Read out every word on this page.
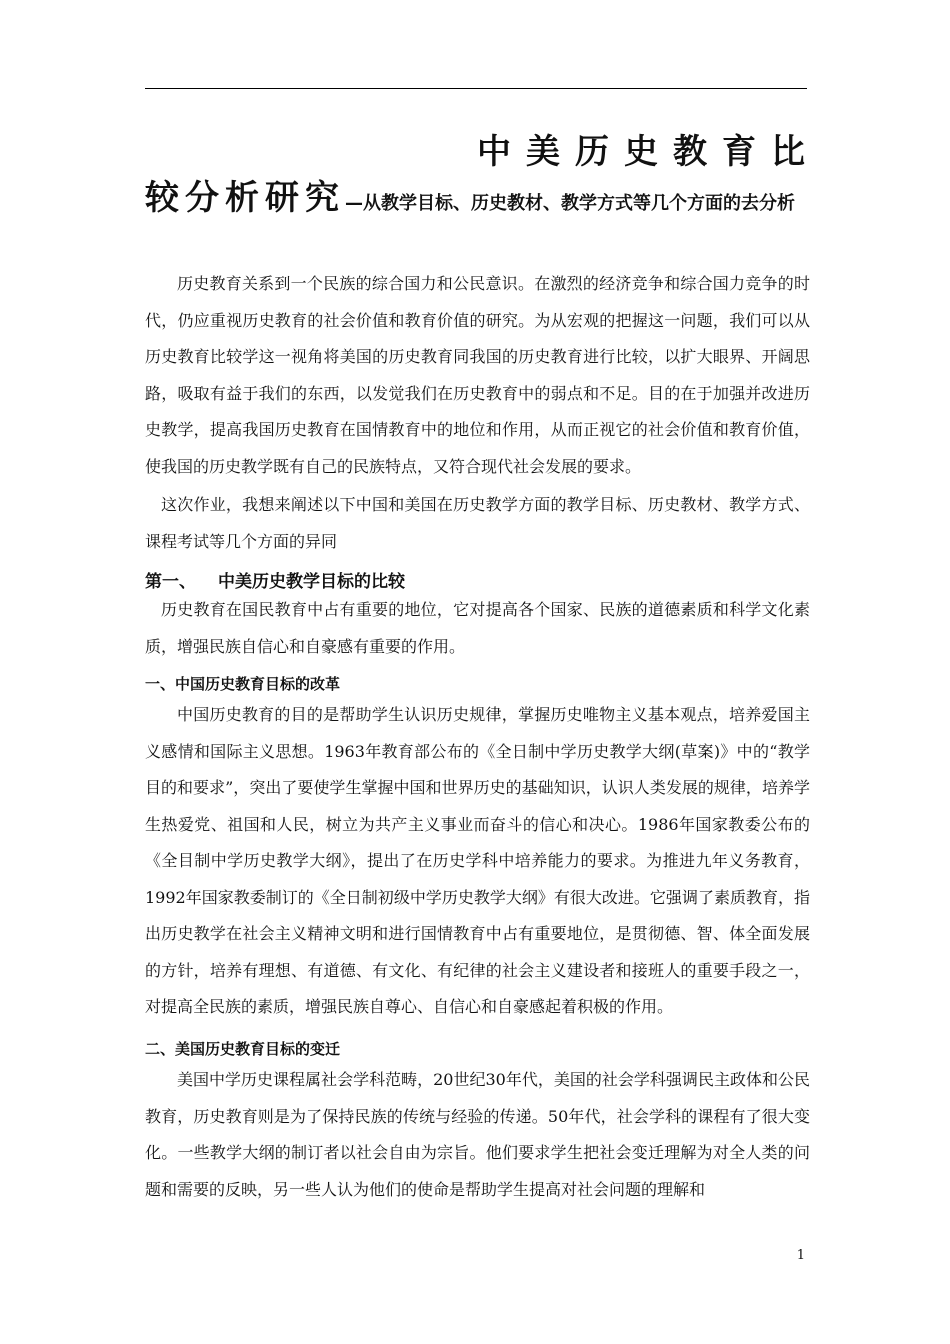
中美历史教育比
较分析研究—从教学目标、历史教材、教学方式等几个方面的去分析

历史教育关系到一个民族的综合国力和公民意识。在激烈的经济竞争和综合国力竞争的时代，仍应重视历史教育的社会价值和教育价值的研究。为从宏观的把握这一问题，我们可以从历史教育比较学这一视角将美国的历史教育同我国的历史教育进行比较，以扩大眼界、开阔思路，吸取有益于我们的东西，以发觉我们在历史教育中的弱点和不足。目的在于加强并改进历史教学，提高我国历史教育在国情教育中的地位和作用，从而正视它的社会价值和教育价值，使我国的历史教学既有自己的民族特点，又符合现代社会发展的要求。

这次作业，我想来阐述以下中国和美国在历史教学方面的教学目标、历史教材、教学方式、课程考试等几个方面的异同

第一、 中美历史教学目标的比较

历史教育在国民教育中占有重要的地位，它对提高各个国家、民族的道德素质和科学文化素质，增强民族自信心和自豪感有重要的作用。

一、中国历史教育目标的改革

中国历史教育的目的是帮助学生认识历史规律，掌握历史唯物主义基本观点，培养爱国主义感情和国际主义思想。1963年教育部公布的《全日制中学历史教学大纲(草案)》中的“教学目的和要求”，突出了要使学生掌握中国和世界历史的基础知识，认识人类发展的规律，培养学生热爱党、祖国和人民，树立为共产主义事业而奋斗的信心和决心。1986年国家教委公布的《全目制中学历史教学大纲》，提出了在历史学科中培养能力的要求。为推进九年义务教育，1992年国家教委制订的《全日制初级中学历史教学大纲》有很大改进。它强调了素质教育，指出历史教学在社会主义精神文明和进行国情教育中占有重要地位，是贯彻德、智、体全面发展的方针，培养有理想、有道德、有文化、有纪律的社会主义建设者和接班人的重要手段之一，对提高全民族的素质，增强民族自尊心、自信心和自豪感起着积极的作用。

二、美国历史教育目标的变迁

美国中学历史课程属社会学科范畴，20世纪30年代，美国的社会学科强调民主政体和公民教育，历史教育则是为了保持民族的传统与经验的传递。50年代，社会学科的课程有了很大变化。一些教学大纲的制订者以社会自由为宗旨。他们要求学生把社会变迁理解为对全人类的问题和需要的反映，另一些人认为他们的使命是帮助学生提高对社会问题的理解和

1
